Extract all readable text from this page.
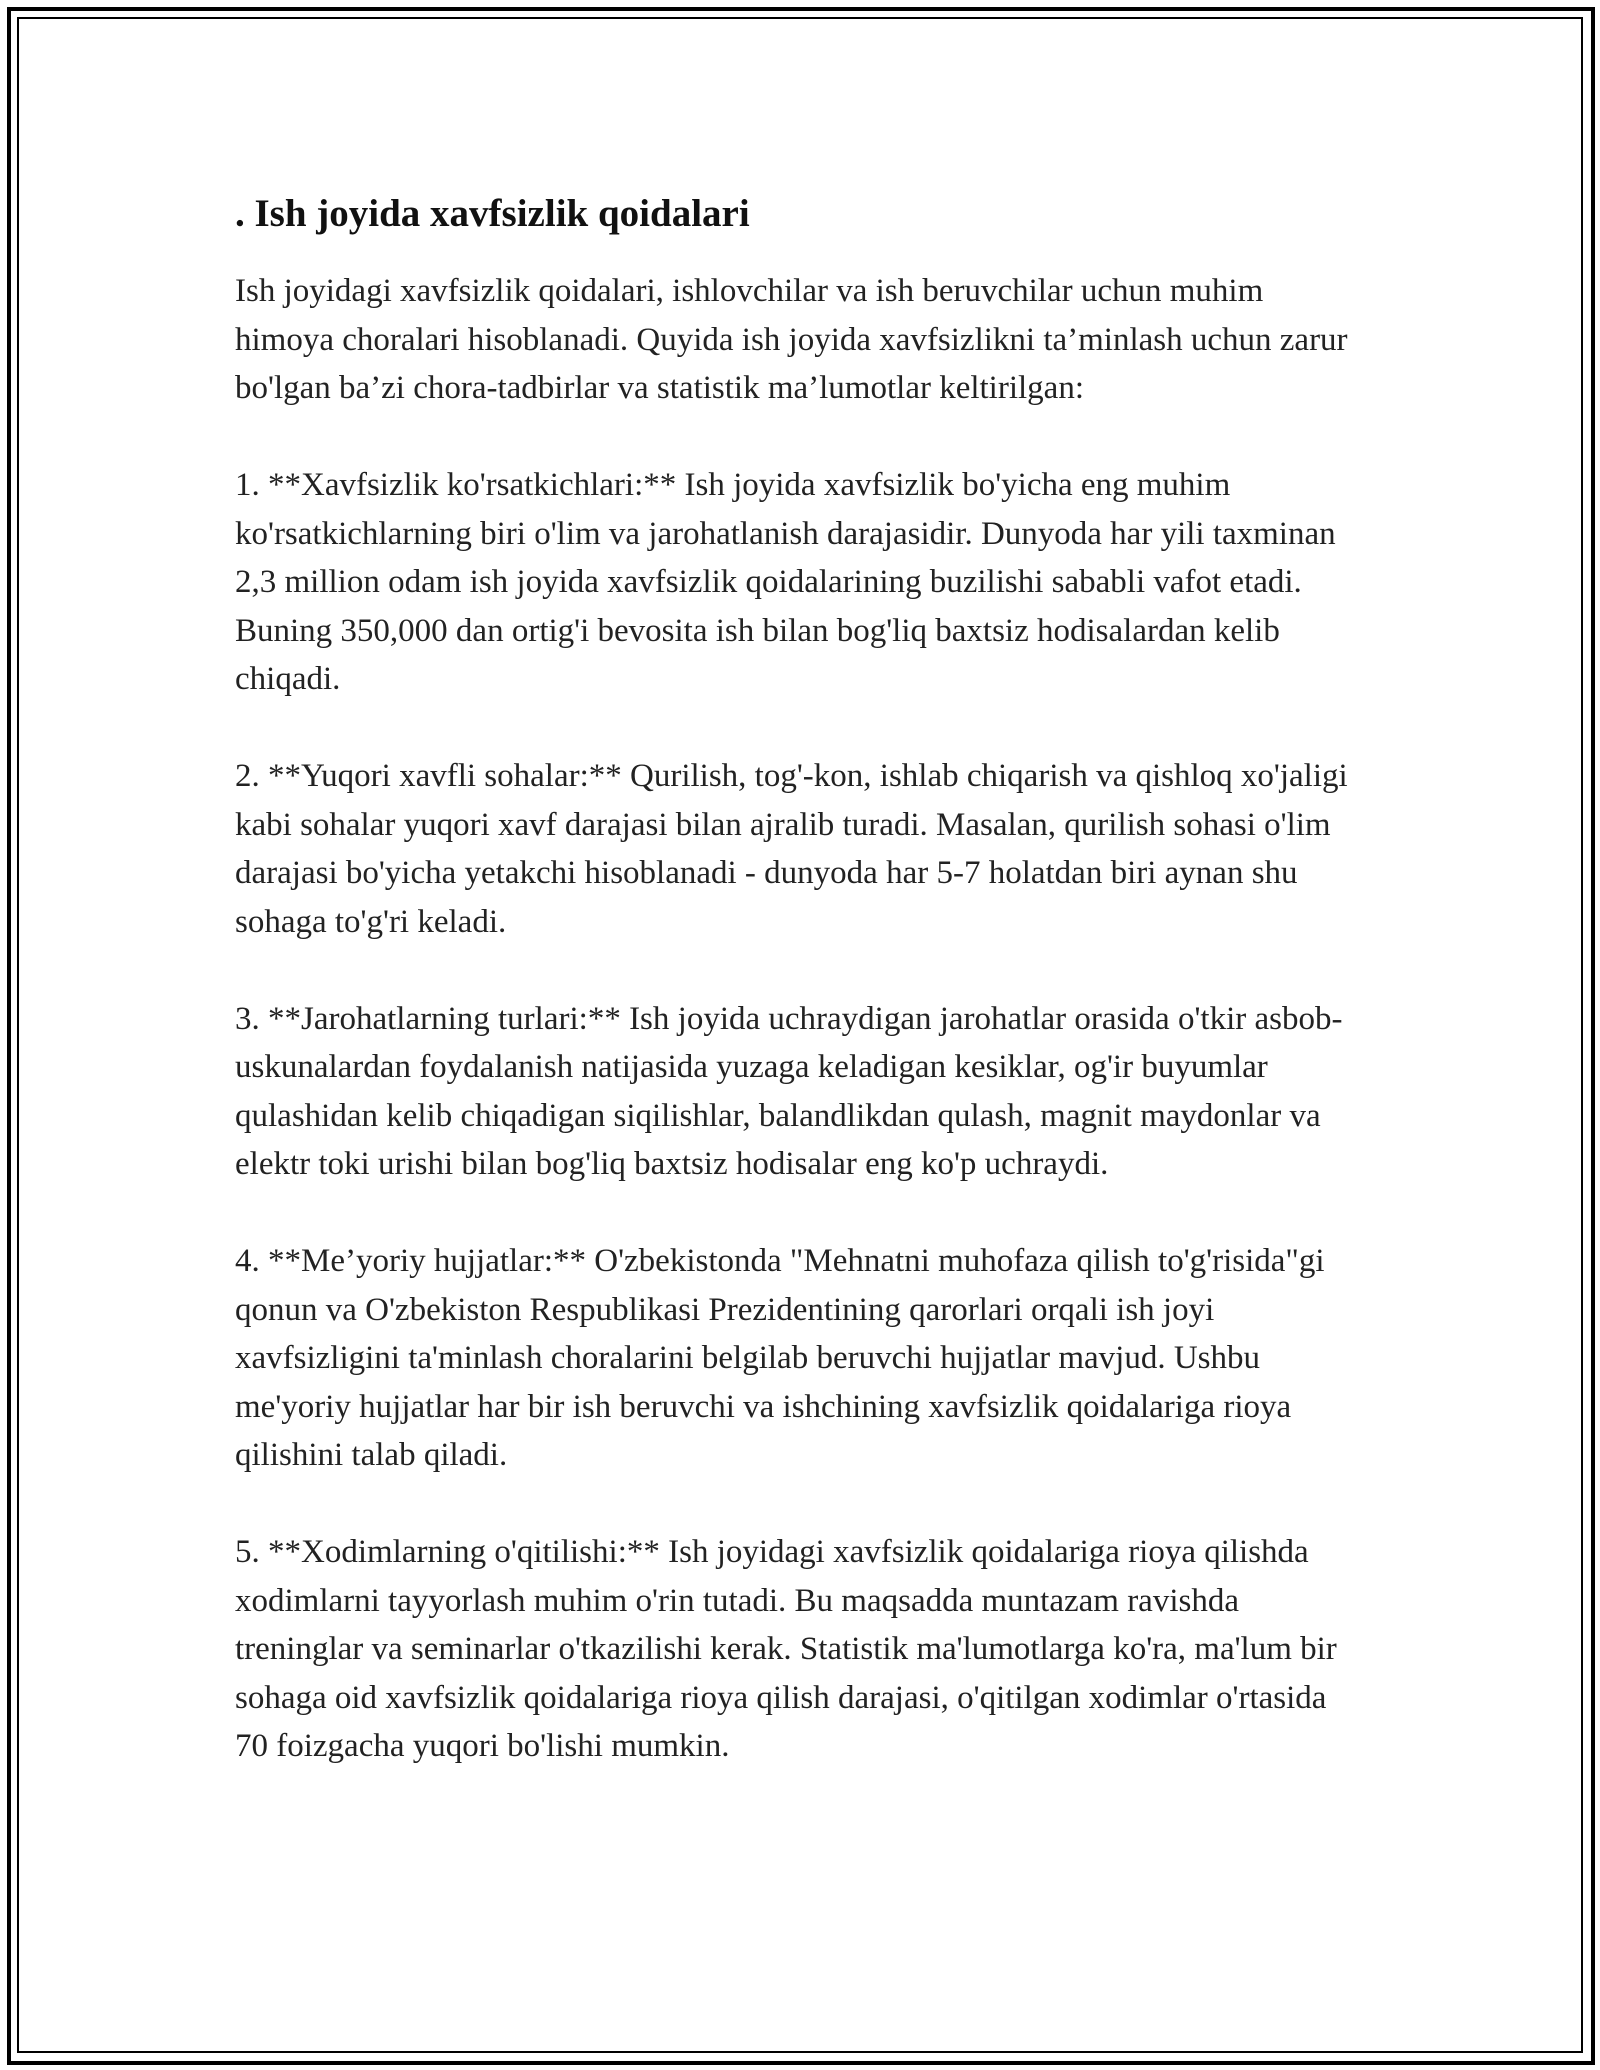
. Ish joyida xavfsizlik qoidalari

Ish joyidagi xavfsizlik qoidalari, ishlovchilar va ish beruvchilar uchun muhim himoya choralari hisoblanadi. Quyida ish joyida xavfsizlikni ta’minlash uchun zarur bo'lgan ba’zi chora-tadbirlar va statistik ma’lumotlar keltirilgan:

1. **Xavfsizlik ko'rsatkichlari:** Ish joyida xavfsizlik bo'yicha eng muhim ko'rsatkichlarning biri o'lim va jarohatlanish darajasidir. Dunyoda har yili taxminan 2,3 million odam ish joyida xavfsizlik qoidalarining buzilishi sababli vafot etadi. Buning 350,000 dan ortig'i bevosita ish bilan bog'liq baxtsiz hodisalardan kelib chiqadi.

2. **Yuqori xavfli sohalar:** Qurilish, tog'-kon, ishlab chiqarish va qishloq xo'jaligi kabi sohalar yuqori xavf darajasi bilan ajralib turadi. Masalan, qurilish sohasi o'lim darajasi bo'yicha yetakchi hisoblanadi - dunyoda har 5-7 holatdan biri aynan shu sohaga to'g'ri keladi.

3. **Jarohatlarning turlari:** Ish joyida uchraydigan jarohatlar orasida o'tkir asbob-uskunalardan foydalanish natijasida yuzaga keladigan kesiklar, og'ir buyumlar qulashidan kelib chiqadigan siqilishlar, balandlikdan qulash, magnit maydonlar va elektr toki urishi bilan bog'liq baxtsiz hodisalar eng ko'p uchraydi.

4. **Me’yoriy hujjatlar:** O'zbekistonda "Mehnatni muhofaza qilish to'g'risida"gi qonun va O'zbekiston Respublikasi Prezidentining qarorlari orqali ish joyi xavfsizligini ta'minlash choralarini belgilab beruvchi hujjatlar mavjud. Ushbu me'yoriy hujjatlar har bir ish beruvchi va ishchining xavfsizlik qoidalariga rioya qilishini talab qiladi.

5. **Xodimlarning o'qitilishi:** Ish joyidagi xavfsizlik qoidalariga rioya qilishda xodimlarni tayyorlash muhim o'rin tutadi. Bu maqsadda muntazam ravishda treninglar va seminarlar o'tkazilishi kerak. Statistik ma'lumotlarga ko'ra, ma'lum bir sohaga oid xavfsizlik qoidalariga rioya qilish darajasi, o'qitilgan xodimlar o'rtasida 70 foizgacha yuqori bo'lishi mumkin.
